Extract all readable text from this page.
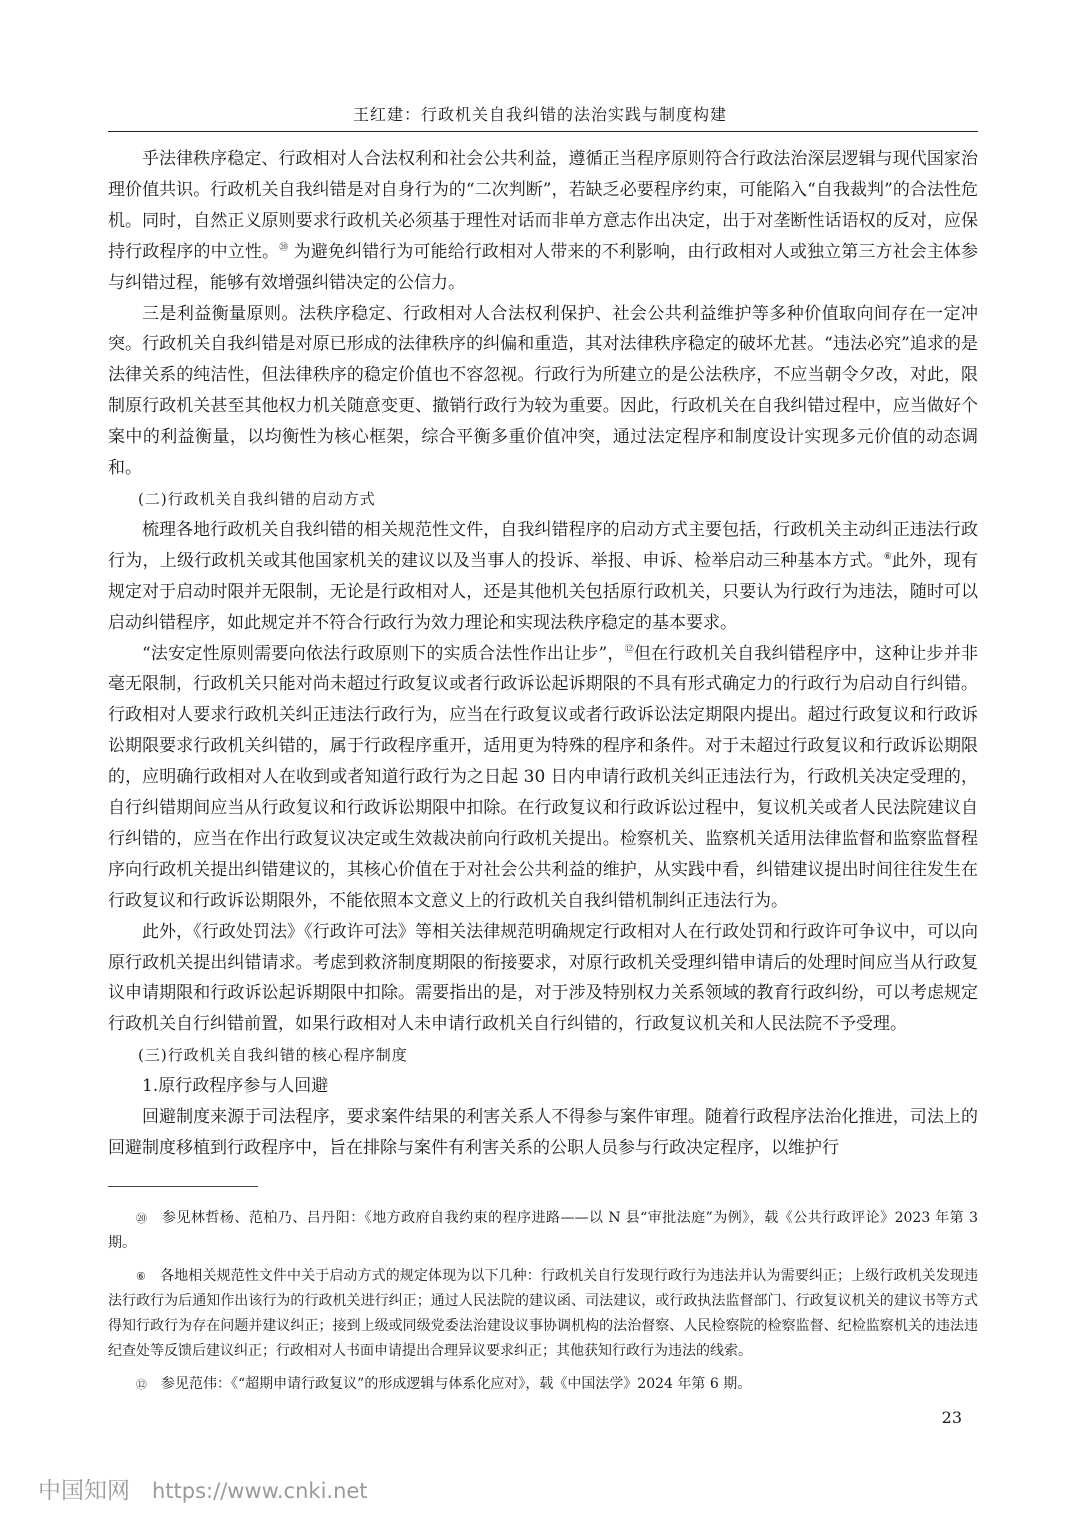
王红建：行政机关自我纠错的法治实践与制度构建

乎法律秩序稳定、行政相对人合法权利和社会公共利益，遵循正当程序原则符合行政法治深层逻辑与现代国家治理价值共识。行政机关自我纠错是对自身行为的“二次判断”，若缺乏必要程序约束，可能陷入“自我裁判”的合法性危机。同时，自然正义原则要求行政机关必须基于理性对话而非单方意志作出决定，出于对垄断性话语权的反对，应保持行政程序的中立性。⑳ 为避免纠错行为可能给行政相对人带来的不利影响，由行政相对人或独立第三方社会主体参与纠错过程，能够有效增强纠错决定的公信力。

三是利益衡量原则。法秩序稳定、行政相对人合法权利保护、社会公共利益维护等多种价值取向间存在一定冲突。行政机关自我纠错是对原已形成的法律秩序的纠偏和重造，其对法律秩序稳定的破坏尤甚。“违法必究”追求的是法律关系的纯洁性，但法律秩序的稳定价值也不容忽视。行政行为所建立的是公法秩序，不应当朝令夕改，对此，限制原行政机关甚至其他权力机关随意变更、撤销行政行为较为重要。因此，行政机关在自我纠错过程中，应当做好个案中的利益衡量，以均衡性为核心框架，综合平衡多重价值冲突，通过法定程序和制度设计实现多元价值的动态调和。

(二)行政机关自我纠错的启动方式

梳理各地行政机关自我纠错的相关规范性文件，自我纠错程序的启动方式主要包括，行政机关主动纠正违法行政行为，上级行政机关或其他国家机关的建议以及当事人的投诉、举报、申诉、检举启动三种基本方式。⑥此外，现有规定对于启动时限并无限制，无论是行政相对人，还是其他机关包括原行政机关，只要认为行政行为违法，随时可以启动纠错程序，如此规定并不符合行政行为效力理论和实现法秩序稳定的基本要求。

“法安定性原则需要向依法行政原则下的实质合法性作出让步”，⑫但在行政机关自我纠错程序中，这种让步并非毫无限制，行政机关只能对尚未超过行政复议或者行政诉讼起诉期限的不具有形式确定力的行政行为启动自行纠错。行政相对人要求行政机关纠正违法行政行为，应当在行政复议或者行政诉讼法定期限内提出。超过行政复议和行政诉讼期限要求行政机关纠错的，属于行政程序重开，适用更为特殊的程序和条件。对于未超过行政复议和行政诉讼期限的，应明确行政相对人在收到或者知道行政行为之日起 30 日内申请行政机关纠正违法行为，行政机关决定受理的，自行纠错期间应当从行政复议和行政诉讼期限中扣除。在行政复议和行政诉讼过程中，复议机关或者人民法院建议自行纠错的，应当在作出行政复议决定或生效裁决前向行政机关提出。检察机关、监察机关适用法律监督和监察监督程序向行政机关提出纠错建议的，其核心价值在于对社会公共利益的维护，从实践中看，纠错建议提出时间往往发生在行政复议和行政诉讼期限外，不能依照本文意义上的行政机关自我纠错机制纠正违法行为。

此外，《行政处罚法》《行政许可法》等相关法律规范明确规定行政相对人在行政处罚和行政许可争议中，可以向原行政机关提出纠错请求。考虑到救济制度期限的衔接要求，对原行政机关受理纠错申请后的处理时间应当从行政复议申请期限和行政诉讼起诉期限中扣除。需要指出的是，对于涉及特别权力关系领域的教育行政纠纷，可以考虑规定行政机关自行纠错前置，如果行政相对人未申请行政机关自行纠错的，行政复议机关和人民法院不予受理。

(三)行政机关自我纠错的核心程序制度

1.原行政程序参与人回避

回避制度来源于司法程序，要求案件结果的利害关系人不得参与案件审理。随着行政程序法治化推进，司法上的回避制度移植到行政程序中，旨在排除与案件有利害关系的公职人员参与行政决定程序，以维护行

⑳　 参见林哲杨、范柏乃、吕丹阳：《地方政府自我约束的程序进路——以 N 县“审批法庭”为例》，载《公共行政评论》2023 年第 3 期。

⑥　 各地相关规范性文件中关于启动方式的规定体现为以下几种：行政机关自行发现行政行为违法并认为需要纠正；上级行政机关发现违法行政行为后通知作出该行为的行政机关进行纠正；通过人民法院的建议函、司法建议，或行政执法监督部门、行政复议机关的建议书等方式得知行政行为存在问题并建议纠正；接到上级或同级党委法治建设议事协调机构的法治督察、人民检察院的检察监督、纪检监察机关的违法违纪查处等反馈后建议纠正；行政相对人书面申请提出合理异议要求纠正；其他获知行政行为违法的线索。

⑫　 参见范伟：《“超期申请行政复议”的形成逻辑与体系化应对》，载《中国法学》2024 年第 6 期。

23
中国知网 https://www.cnki.net
